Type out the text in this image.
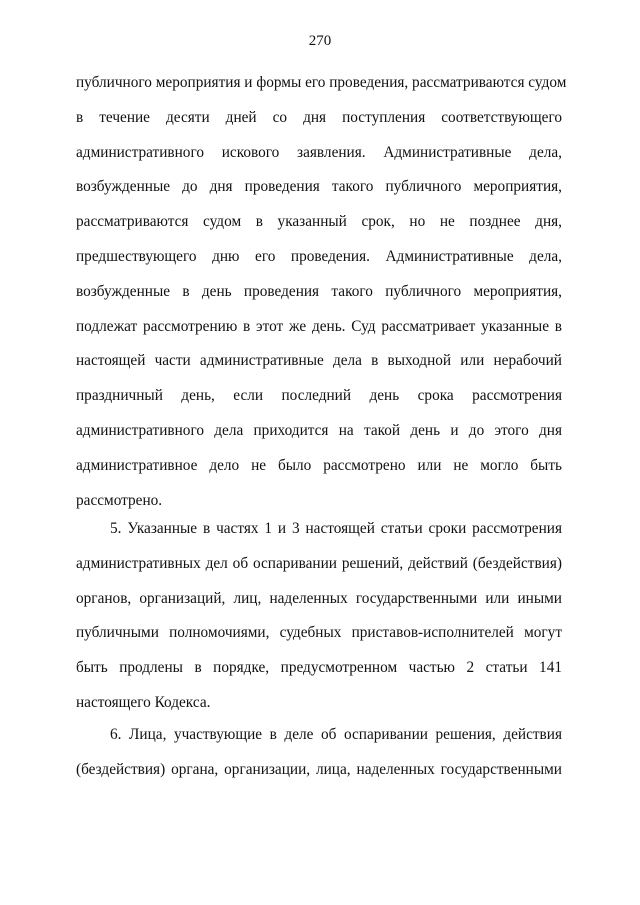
270
публичного мероприятия и формы его проведения, рассматриваются судом
в течение десяти дней со дня поступления соответствующего
административного искового заявления. Административные дела,
возбужденные до дня проведения такого публичного мероприятия,
рассматриваются судом в указанный срок, но не позднее дня,
предшествующего дню его проведения. Административные дела,
возбужденные в день проведения такого публичного мероприятия,
подлежат рассмотрению в этот же день. Суд рассматривает указанные в
настоящей части административные дела в выходной или нерабочий
праздничный день, если последний день срока рассмотрения
административного дела приходится на такой день и до этого дня
административное дело не было рассмотрено или не могло быть
рассмотрено.
5. Указанные в частях 1 и 3 настоящей статьи сроки рассмотрения
административных дел об оспаривании решений, действий (бездействия)
органов, организаций, лиц, наделенных государственными или иными
публичными полномочиями, судебных приставов-исполнителей могут
быть продлены в порядке, предусмотренном частью 2 статьи 141
настоящего Кодекса.
6. Лица, участвующие в деле об оспаривании решения, действия
(бездействия) органа, организации, лица, наделенных государственными
